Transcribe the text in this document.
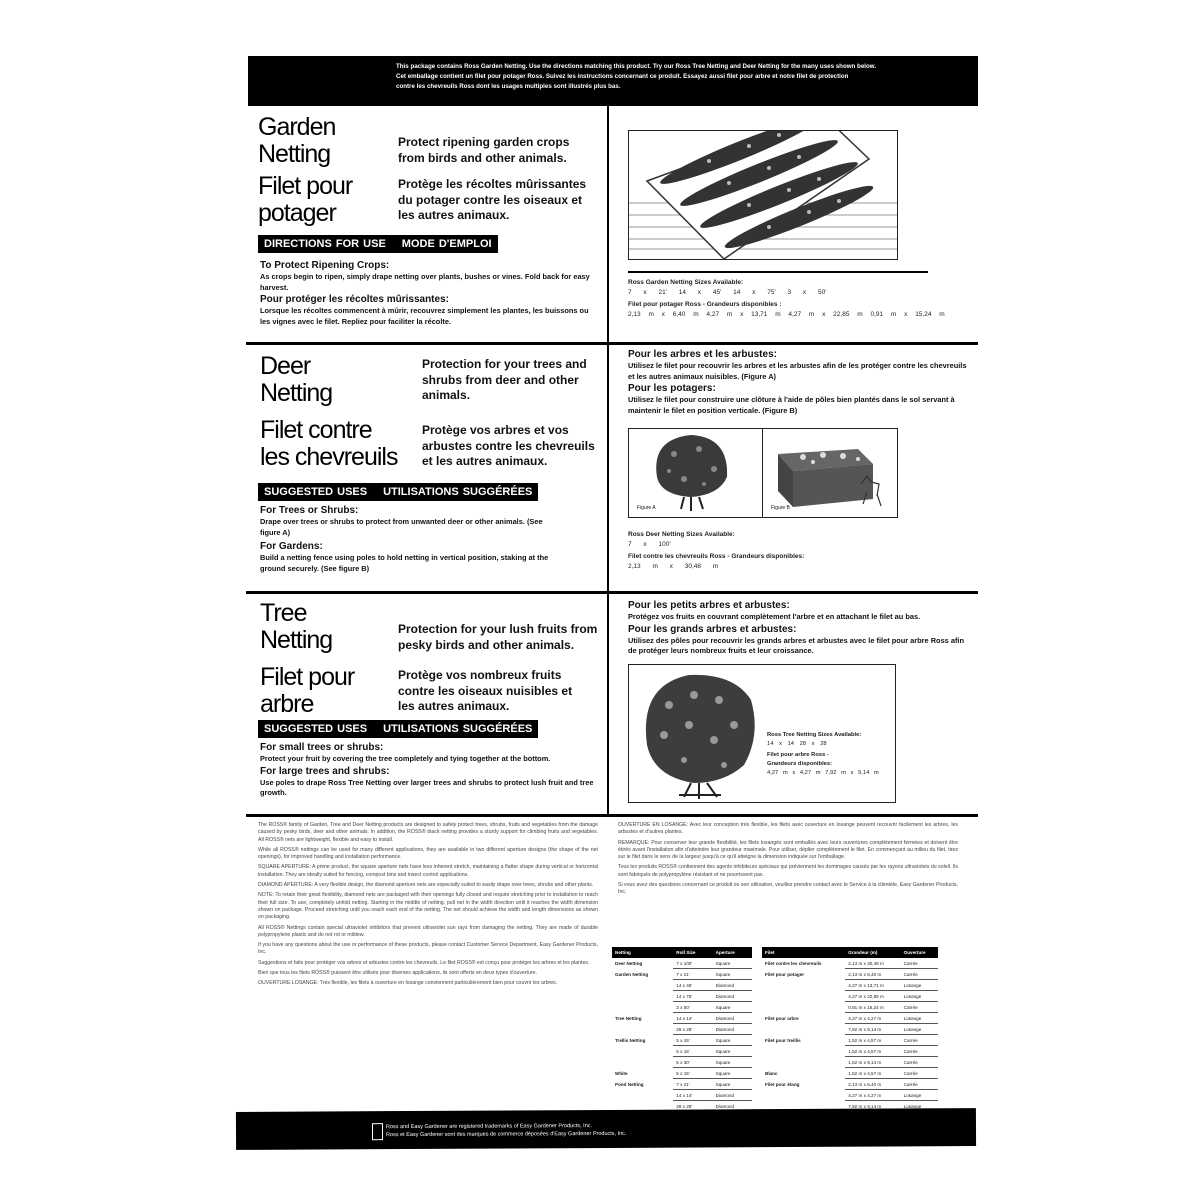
This package contains Ross Garden Netting. Use the directions matching this product. Try our Ross Tree Netting and Deer Netting for the many uses shown below.
Cet emballage contient un filet pour potager Ross. Suivez les instructions concernant ce produit. Essayez aussi filet pour arbre et notre filet de protection
contre les chevreuils Ross dont les usages multiples sont illustrés plus bas.
Garden
Netting
Filet pour
potager
Protect ripening garden crops from birds and other animals.
Protège les récoltes mûrissantes du potager contre les oiseaux et les autres animaux.
DIRECTIONS FOR USE MODE D'EMPLOI
To Protect Ripening Crops:
As crops begin to ripen, simply drape netting over plants, bushes or vines. Fold back for easy harvest.
Pour protéger les récoltes mûrissantes:
Lorsque les récoltes commencent à mûrir, recouvrez simplement les plantes, les buissons ou les vignes avec le filet. Repliez pour faciliter la récolte.
Ross Garden Netting Sizes Available:
7 x 21' 14 x 45' 14 x 75' 3 x 50'
Filet pour potager Ross - Grandeurs disponibles :
2,13 m x 6,40 m 4,27 m x 13,71 m 4,27 m x 22,85 m 0,91 m x 15,24 m
Deer
Netting
Filet contre
les chevreuils
Protection for your trees and shrubs from deer and other animals.
Protège vos arbres et vos arbustes contre les chevreuils et les autres animaux.
SUGGESTED USES UTILISATIONS SUGGÉRÉES
For Trees or Shrubs:
Drape over trees or shrubs to protect from unwanted deer or other animals. (See figure A)
For Gardens:
Build a netting fence using poles to hold netting in vertical position, staking at the ground securely. (See figure B)
Pour les arbres et les arbustes:
Utilisez le filet pour recouvrir les arbres et les arbustes afin de les protéger contre les chevreuils et les autres animaux nuisibles. (Figure A)
Pour les potagers:
Utilisez le filet pour construire une clôture à l'aide de pôles bien plantés dans le sol servant à maintenir le filet en position verticale. (Figure B)
Figure A	Figure B
Ross Deer Netting Sizes Available:
7 x 100'
Filet contre les chevreuils Ross - Grandeurs disponibles:
2,13 m x 30,48 m
Tree
Netting
Filet pour
arbre
Protection for your lush fruits from pesky birds and other animals.
Protège vos nombreux fruits contre les oiseaux nuisibles et les autres animaux.
SUGGESTED USES UTILISATIONS SUGGÉRÉES
For small trees or shrubs:
Protect your fruit by covering the tree completely and tying together at the bottom.
For large trees and shrubs:
Use poles to drape Ross Tree Netting over larger trees and shrubs to protect lush fruit and tree growth.
Pour les petits arbres et arbustes:
Protégez vos fruits en couvrant complètement l'arbre et en attachant le filet au bas.
Pour les grands arbres et arbustes:
Utilisez des pôles pour recouvrir les grands arbres et arbustes avec le filet pour arbre Ross afin de protéger leurs nombreux fruits et leur croissance.
Ross Tree Netting Sizes Available:
14 x 14 28 x 28
Filet pour arbre Ross -
Grandeurs disponibles:
4,27 m x 4,27 m 7,92 m x 9,14 m

The ROSS® family of Garden, Tree and Deer Netting products are designed to safely protect trees, shrubs, fruits and vegetables from the damage caused by pesky birds, deer and other animals. In addition, the ROSS® black netting provides a sturdy support for climbing fruits and vegetables. All ROSS® nets are lightweight, flexible and easy to install.

While all ROSS® nettings can be used for many different applications, they are available in two different aperture designs (the shape of the net openings), for improved handling and installation performance.

SQUARE APERTURE: A prime product, the square aperture nets have less inherent stretch, maintaining a flatter shape during vertical or horizontal installation. They are ideally suited for fencing, compost bins and insect control applications.

DIAMOND APERTURE: A very flexible design, the diamond aperture nets are especially suited to easily drape over trees, shrubs and other plants.

NOTE: To retain their great flexibility, diamond nets are packaged with their openings fully closed and require stretching prior to installation to reach their full size. To use, completely unfold netting. Starting in the middle of netting, pull net in the width direction until it reaches the width dimension shown on package. Proceed stretching until you reach each end of the netting. The net should achieve the width and length dimensions as shown on packaging.

All ROSS® Nettings contain special ultraviolet inhibitors that prevent ultraviolet sun rays from damaging the netting. They are made of durable polypropylene plastic and do not rot or mildew.

If you have any questions about the use or performance of these products, please contact Customer Service Department, Easy Gardener Products, Inc.

Suggestions et faits pour protéger vos arbres et arbustes contre les chevreuils. Le filet ROSS® est conçu pour protéger les arbres et les plantes.

Bien que tous les filets ROSS® puissent être utilisés pour diverses applications, ils sont offerts en deux types d'ouverture.

OUVERTURE LOSANGE: Très flexible, les filets à ouverture en losange conviennent particulièrement bien pour couvrir les arbres.

OUVERTURE EN LOSANGE: Avec leur conception très flexible, les filets avec ouverture en losange peuvent recouvrir facilement les arbres, les arbustes et d'autres plantes.

REMARQUE: Pour conserver leur grande flexibilité, les filets losangés sont emballés avec leurs ouvertures complètement fermées et doivent être étirés avant l'installation afin d'atteindre leur grandeur maximale. Pour utiliser, déplier complètement le filet. En commençant au milieu du filet, tirez sur le filet dans le sens de la largeur jusqu'à ce qu'il atteigne la dimension indiquée sur l'emballage.

Tous les produits ROSS® contiennent des agents inhibiteurs spéciaux qui préviennent les dommages causés par les rayons ultraviolets du soleil. Ils sont fabriqués de polypropylène résistant et ne pourrissent pas.

Si vous avez des questions concernant ce produit ou son utilisation, veuillez prendre contact avec le Service à la clientèle, Easy Gardener Products, Inc.

Netting	Roll Size	Aperture
Deer Netting	7 x 100'	Square
Garden Netting	7 x 21'	Square
	14 x 45'	Diamond
	14 x 75'	Diamond
	3 x 50'	Square
Tree Netting	14 x 14'	Diamond
	28 x 28'	Diamond
Trellis Netting	5 x 15'	Square
	5 x 15'	Square
	5 x 30'	Square
White	5 x 15'	Square
Pond Netting	7 x 21'	Square
	14 x 14'	Diamond
	28 x 28'	Diamond
Filet	Grandeur (m)	Ouverture
Filet contre les chevreuils	2,13 m x 30,48 m	Carrée
Filet pour potager	2,13 m x 6,40 m	Carrée
	4,27 m x 13,71 m	Losange
	4,27 m x 22,85 m	Losange
	0,91 m x 15,24 m	Carrée
Filet pour arbre	4,27 m x 4,27 m	Losange
	7,92 m x 9,14 m	Losange
Filet pour treillis	1,52 m x 4,57 m	Carrée
	1,52 m x 4,57 m	Carrée
	1,52 m x 9,14 m	Carrée
Blanc	1,52 m x 4,57 m	Carrée
Filet pour étang	2,13 m x 6,40 m	Carrée
	4,27 m x 4,27 m	Losange
	7,92 m x 9,14 m	Losange
Ross and Easy Gardener are registered trademarks of Easy Gardener Products, Inc.
Ross et Easy Gardener sont des marques de commerce déposées d'Easy Gardener Products, Inc.
